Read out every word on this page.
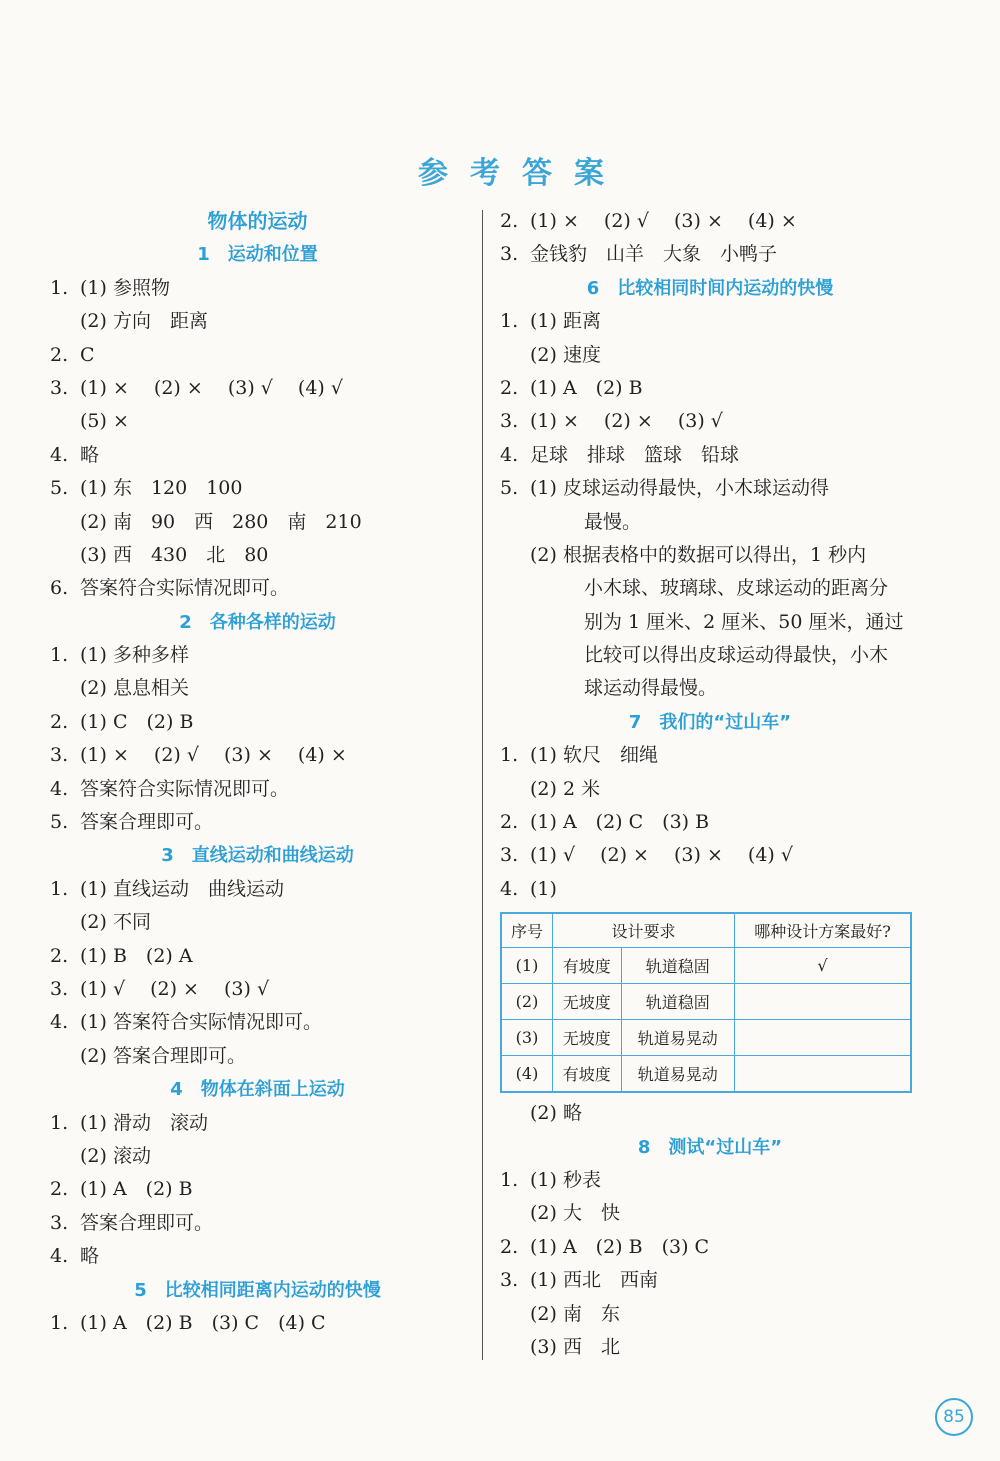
参考答案
物体的运动
1　运动和位置
1. (1) 参照物
(2) 方向　距离
2. C
3. (1) ×　 (2) ×　 (3) √　 (4) √
(5) ×
4. 略
5. (1) 东　120　100
(2) 南　90　西　280　南　210
(3) 西　430　北　80
6. 答案符合实际情况即可。
2　各种各样的运动
1. (1) 多种多样
(2) 息息相关
2. (1) C　(2) B
3. (1) ×　 (2) √　 (3) ×　 (4) ×
4. 答案符合实际情况即可。
5. 答案合理即可。
3　直线运动和曲线运动
1. (1) 直线运动　曲线运动
(2) 不同
2. (1) B　(2) A
3. (1) √　 (2) ×　 (3) √
4. (1) 答案符合实际情况即可。
(2) 答案合理即可。
4　物体在斜面上运动
1. (1) 滑动　滚动
(2) 滚动
2. (1) A　(2) B
3. 答案合理即可。
4. 略
5　比较相同距离内运动的快慢
1. (1) A　(2) B　(3) C　(4) C
2. (1) ×　 (2) √　 (3) ×　 (4) ×
3. 金钱豹　山羊　大象　小鸭子
6　比较相同时间内运动的快慢
1. (1) 距离
(2) 速度
2. (1) A　(2) B
3. (1) ×　 (2) ×　 (3) √
4. 足球　排球　篮球　铅球
5. (1) 皮球运动得最快，小木球运动得
最慢。
(2) 根据表格中的数据可以得出，1 秒内
小木球、玻璃球、皮球运动的距离分
别为 1 厘米、2 厘米、50 厘米，通过
比较可以得出皮球运动得最快，小木
球运动得最慢。
7　我们的“过山车”
1. (1) 软尺　细绳
(2) 2 米
2. (1) A　(2) C　(3) B
3. (1) √　 (2) ×　 (3) ×　 (4) √
4. (1)
序号	设计要求		哪种设计方案最好?
(1)	有坡度	轨道稳固	√
(2)	无坡度	轨道稳固	
(3)	无坡度	轨道易晃动	
(4)	有坡度	轨道易晃动	
(2) 略
8　测试“过山车”
1. (1) 秒表
(2) 大　快
2. (1) A　(2) B　(3) C
3. (1) 西北　西南
(2) 南　东
(3) 西　北
85
